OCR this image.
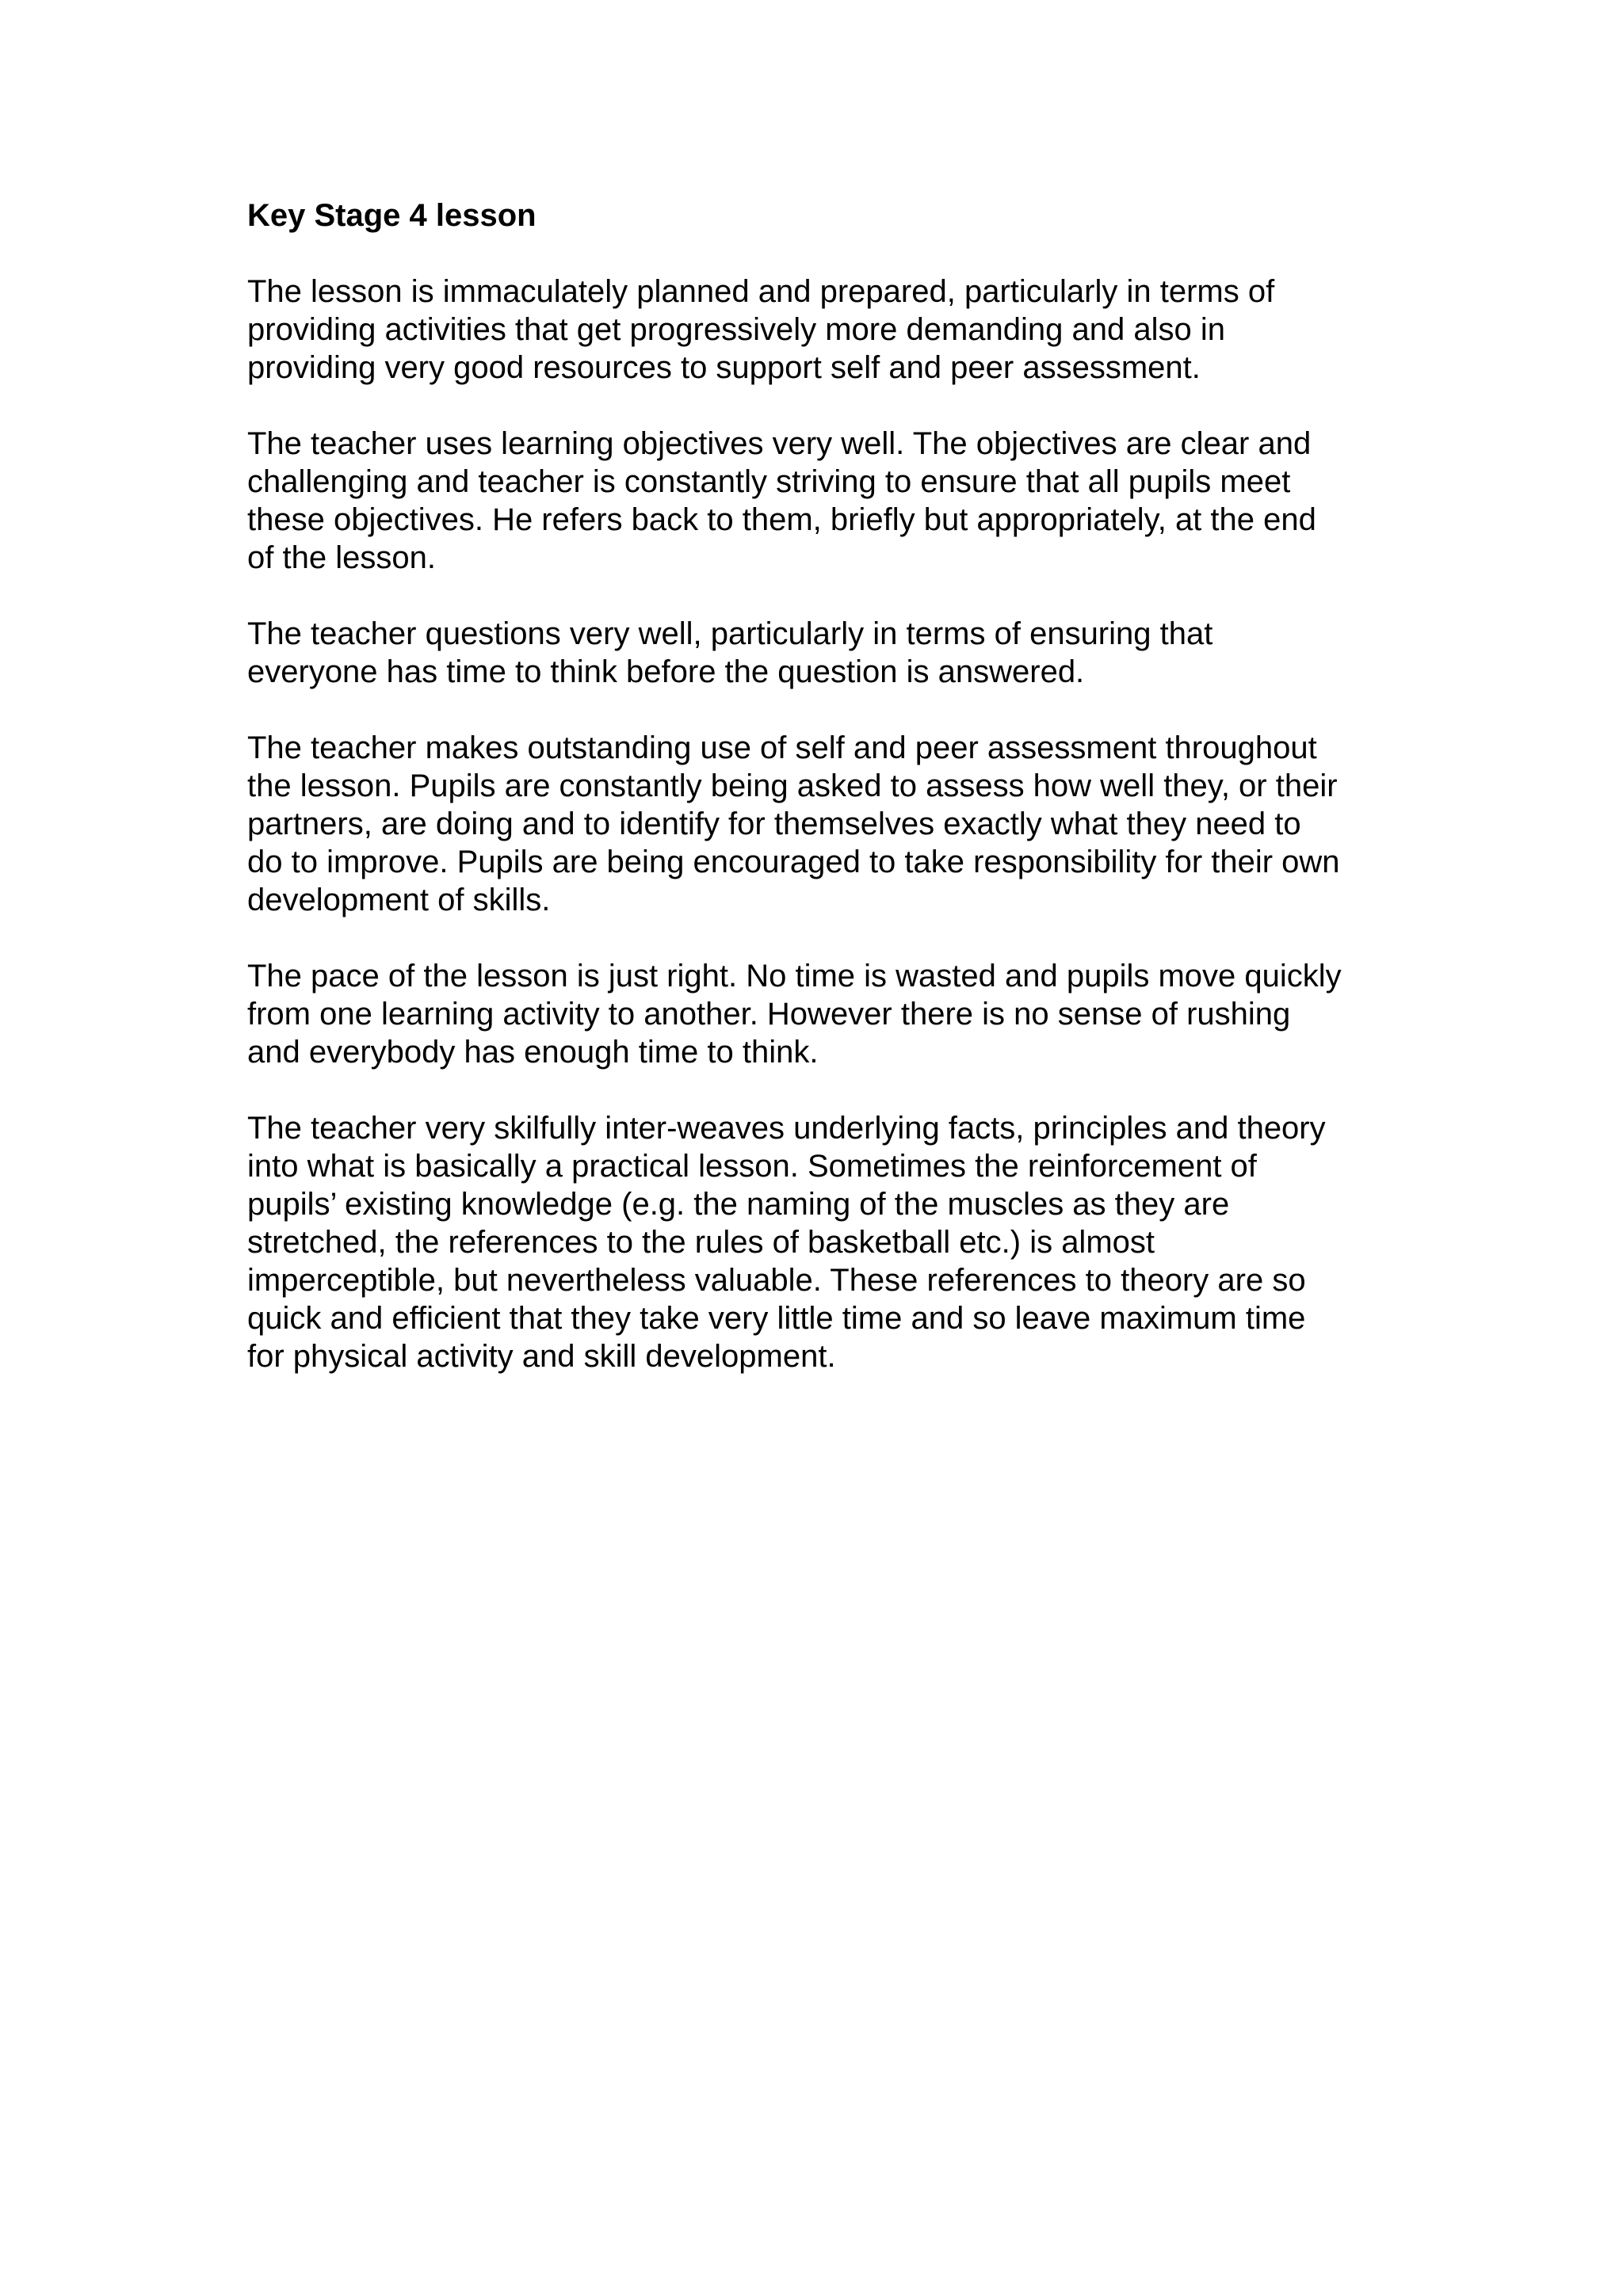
Key Stage 4 lesson
The lesson is immaculately planned and prepared, particularly in terms of
providing activities that get progressively more demanding and also in
providing very good resources to support self and peer assessment.
The teacher uses learning objectives very well. The objectives are clear and
challenging and teacher is constantly striving to ensure that all pupils meet
these objectives. He refers back to them, briefly but appropriately, at the end
of the lesson.
The teacher questions very well, particularly in terms of ensuring that
everyone has time to think before the question is answered.
The teacher makes outstanding use of self and peer assessment throughout
the lesson. Pupils are constantly being asked to assess how well they, or their
partners, are doing and to identify for themselves exactly what they need to
do to improve. Pupils are being encouraged to take responsibility for their own
development of skills.
The pace of the lesson is just right. No time is wasted and pupils move quickly
from one learning activity to another. However there is no sense of rushing
and everybody has enough time to think.
The teacher very skilfully inter-weaves underlying facts, principles and theory
into what is basically a practical lesson. Sometimes the reinforcement of
pupils’ existing knowledge (e.g. the naming of the muscles as they are
stretched, the references to the rules of basketball etc.) is almost
imperceptible, but nevertheless valuable. These references to theory are so
quick and efficient that they take very little time and so leave maximum time
for physical activity and skill development.
